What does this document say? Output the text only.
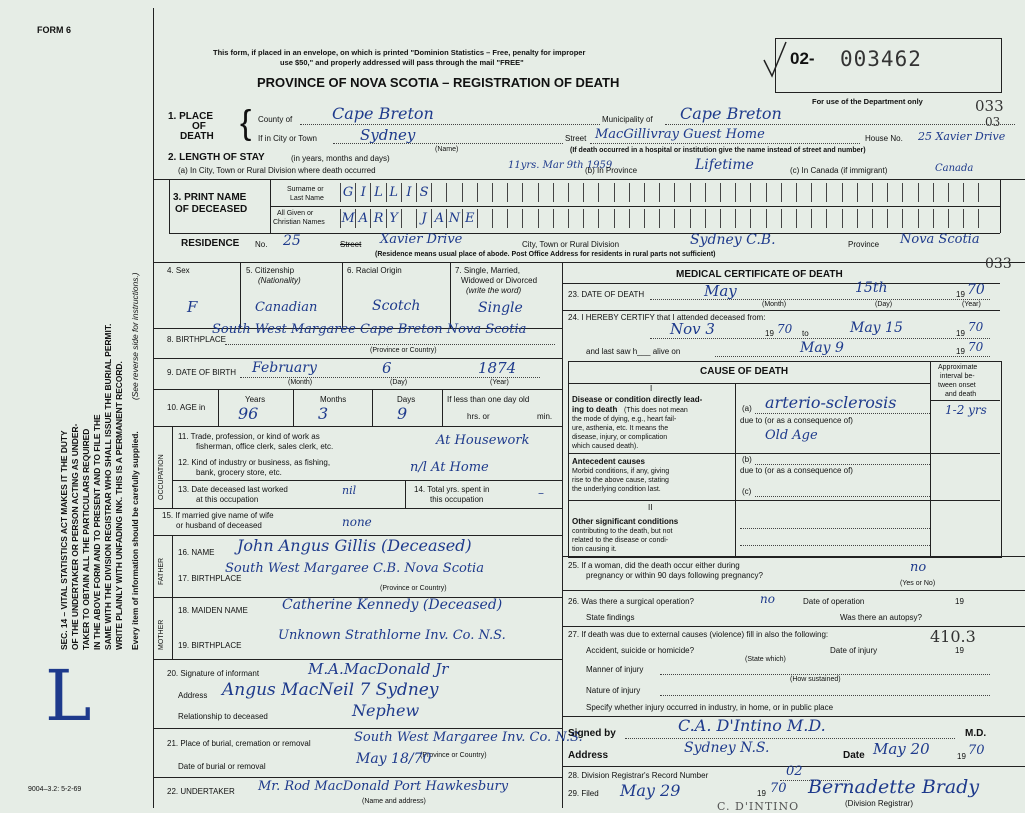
FORM 6
SEC. 14 – VITAL STATISTICS ACT MAKES IT THE DUTY OF THE UNDERTAKER OR PERSON ACTING AS UNDER- TAKER TO OBTAIN ALL THE PARTICULARS REQUIRED IN THE ABOVE FORM AND TO PRESENT AND TO FILE THE SAME WITH THE DIVISION REGISTRAR WHO SHALL ISSUE THE BURIAL PERMIT. WRITE PLAINLY WITH UNFADING INK. THIS IS A PERMANENT RECORD. Every item of information should be carefully supplied.
(See reverse side for instructions.)
L
9004–3.2: 5-2-69
This form, if placed in an envelope, on which is printed "Dominion Statistics – Free, penalty for improper
use $50," and properly addressed will pass through the mail "FREE"
PROVINCE OF NOVA SCOTIA – REGISTRATION OF DEATH
02- 003462
For use of the Department only	033
03
1. PLACE
OF
DEATH { County of Cape Breton	Municipality of Cape Breton
If in City or Town	Sydney
(Name)
Street MacGillivray Guest Home	House No. 25 Xavier Drive
(If death occurred in a hospital or institution give the name instead of street and number)
2. LENGTH OF STAY	(in years, months and days)
(a) In City, Town or Rural Division where death occurred	11yrs. Mar 9th 1959
(b) In Province	Lifetime	(c) In Canada (if immigrant)	Canada
3. PRINT NAME
OF DECEASED
Surname or
Last Name
All Given or
Christian Names
G I L L I S
M A R Y	J A N E
RESIDENCE No. 25	Street Xavier Drive	City, Town or Rural Division	Sydney C.B.	Province Nova Scotia
(Residence means usual place of abode. Post Office Address for residents in rural parts not sufficient)
033
4. Sex
F
5. Citizenship
(Nationality)
Canadian
6. Racial Origin
Scotch
7. Single, Married,
Widowed or Divorced
(write the word)
Single
8. BIRTHPLACE
South West Margaree Cape Breton Nova Scotia
(Province or Country)
9. DATE OF BIRTH February	6	1874
(Month)	(Day)	(Year)
10. AGE in
Years	Months	Days
96	3	9
If less than one day old
hrs. or	min.
OCCUPATION
11. Trade, profession, or kind of work as
fisherman, office clerk, sales clerk, etc.	At Housework
12. Kind of industry or business, as fishing,
bank, grocery store, etc.	n/l At Home
13. Date deceased last worked
at this occupation
nil	14. Total yrs. spent in
this occupation	–
15. If married give name of wife
or husband of deceased	none
FATHER
16. NAME John Angus Gillis (Deceased)
17. BIRTHPLACE
South West Margaree C.B. Nova Scotia
(Province or Country)
MOTHER
18. MAIDEN NAME Catherine Kennedy (Deceased)
19. BIRTHPLACE
Unknown Strathlorne Inv. Co. N.S.
20. Signature of informant	M.A.MacDonald Jr
Address Angus MacNeil 7 Sydney
Relationship to deceased	Nephew
21. Place of burial, cremation or removal	South West Margaree Inv. Co. N.S.
(Province or Country)
Date of burial or removal	May 18/70
22. UNDERTAKER Mr. Rod MacDonald Port Hawkesbury
(Name and address)
MEDICAL CERTIFICATE OF DEATH
23. DATE OF DEATH	May	15th	19 70
(Month)	(Day)	(Year)
24. I HEREBY CERTIFY that I attended deceased from:
Nov 3	19 70 to	May 15	19 70
and last saw h___ alive on	May 9	19 70
CAUSE OF DEATH	Approximate
interval be-
tween onset
and death
I
Disease or condition directly lead-
ing to death (This does not mean
the mode of dying, e.g., heart fail-
ure, asthenia, etc. It means the
disease, injury, or complication
which caused death).
(a) arterio-sclerosis	1-2 yrs
due to (or as a consequence of)
Old Age
Antecedent causes
Morbid conditions, if any, giving
rise to the above cause, stating
the underlying condition last.
(b)
due to (or as a consequence of)
(c)
II
Other significant conditions
contributing to the death, but not
related to the disease or condi-
tion causing it.
25. If a woman, did the death occur either during
pregnancy or within 90 days following pregnancy?
no
(Yes or No)
26. Was there a surgical operation?	no	Date of operation	19
State findings	Was there an autopsy?
27. If death was due to external causes (violence) fill in also the following:	410.3
Accident, suicide or homicide?
(State which)
Date of injury	19
Manner of injury
(How sustained)
Nature of injury
Specify whether injury occurred in industry, in home, or in public place
Signed by	C.A. D'Intino M.D.	M.D.
Address	Sydney N.S.	Date May 20	19 70
28. Division Registrar's Record Number	02
29. Filed May 29	19 70 Bernadette Brady
(Division Registrar)
C. D'INTINO
